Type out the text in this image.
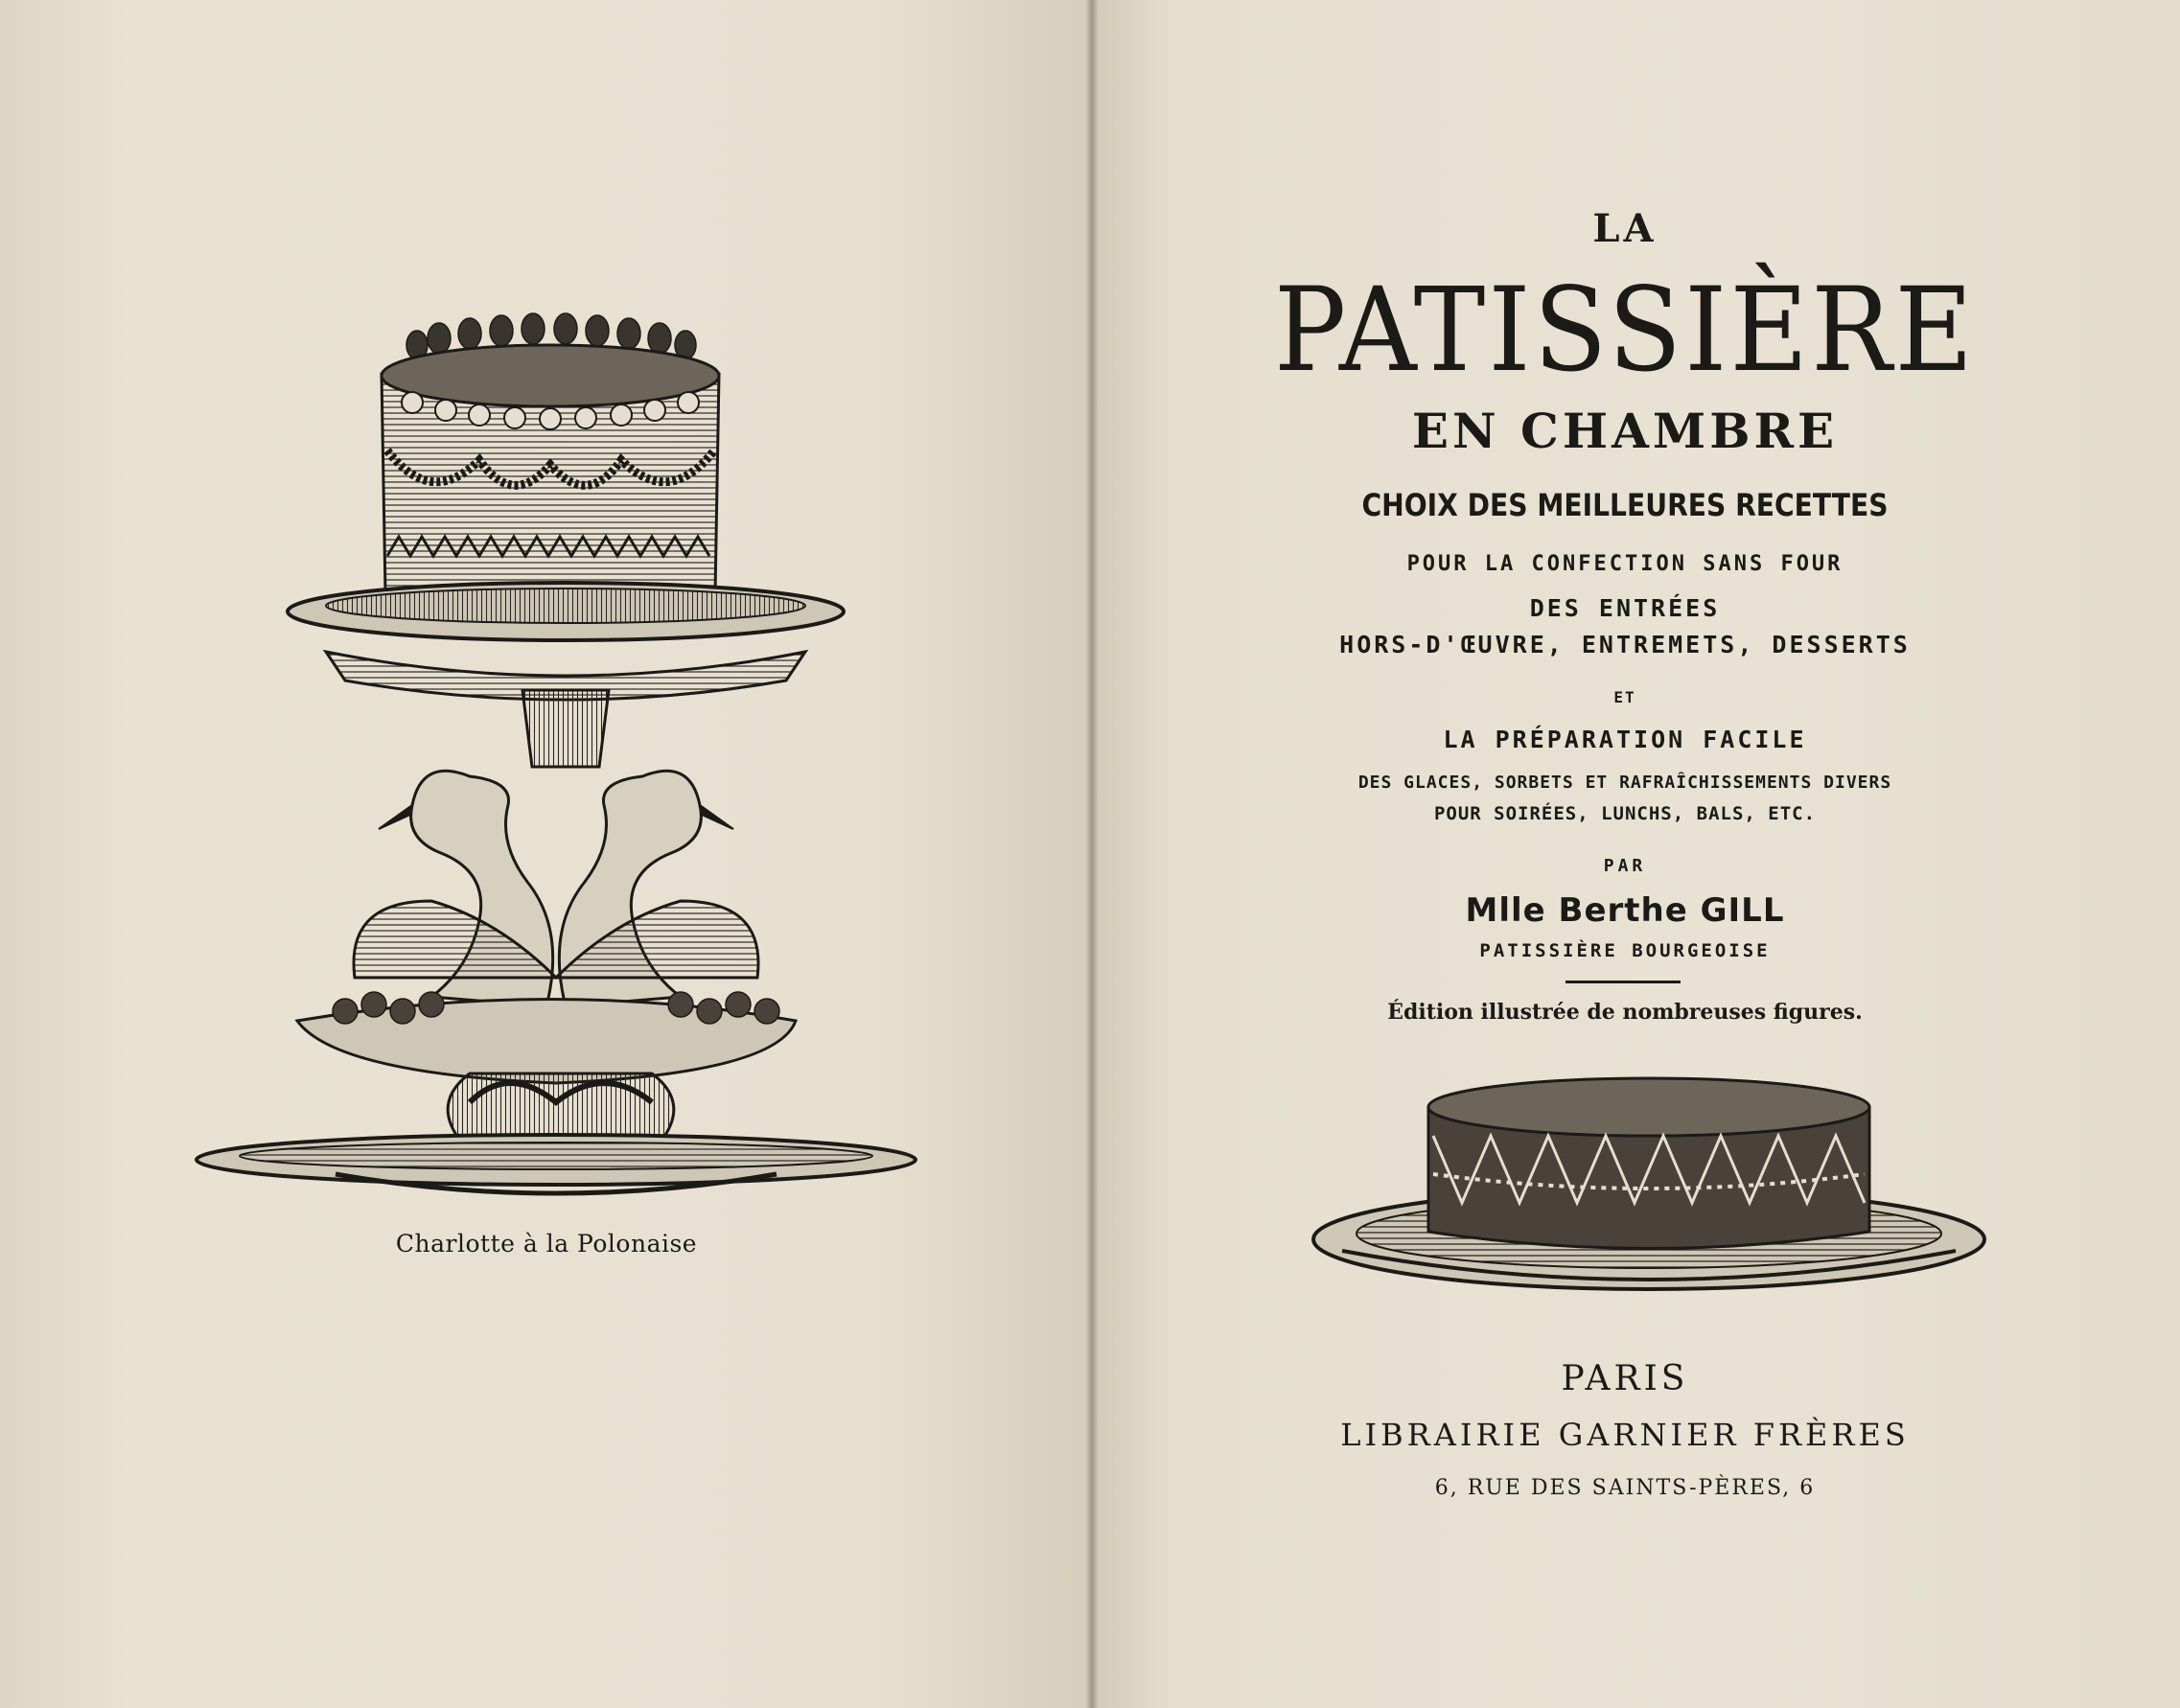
Charlotte à la Polonaise
LA
PATISSIÈRE
EN CHAMBRE
CHOIX DES MEILLEURES RECETTES
POUR LA CONFECTION SANS FOUR
DES ENTRÉES
HORS-D'ŒUVRE, ENTREMETS, DESSERTS
ET
LA PRÉPARATION FACILE
DES GLACES, SORBETS ET RAFRAÎCHISSEMENTS DIVERS
POUR SOIRÉES, LUNCHS, BALS, ETC.
PAR
Mlle Berthe GILL
PATISSIÈRE BOURGEOISE
Édition illustrée de nombreuses figures.
PARIS
LIBRAIRIE GARNIER FRÈRES
6, RUE DES SAINTS-PÈRES, 6
